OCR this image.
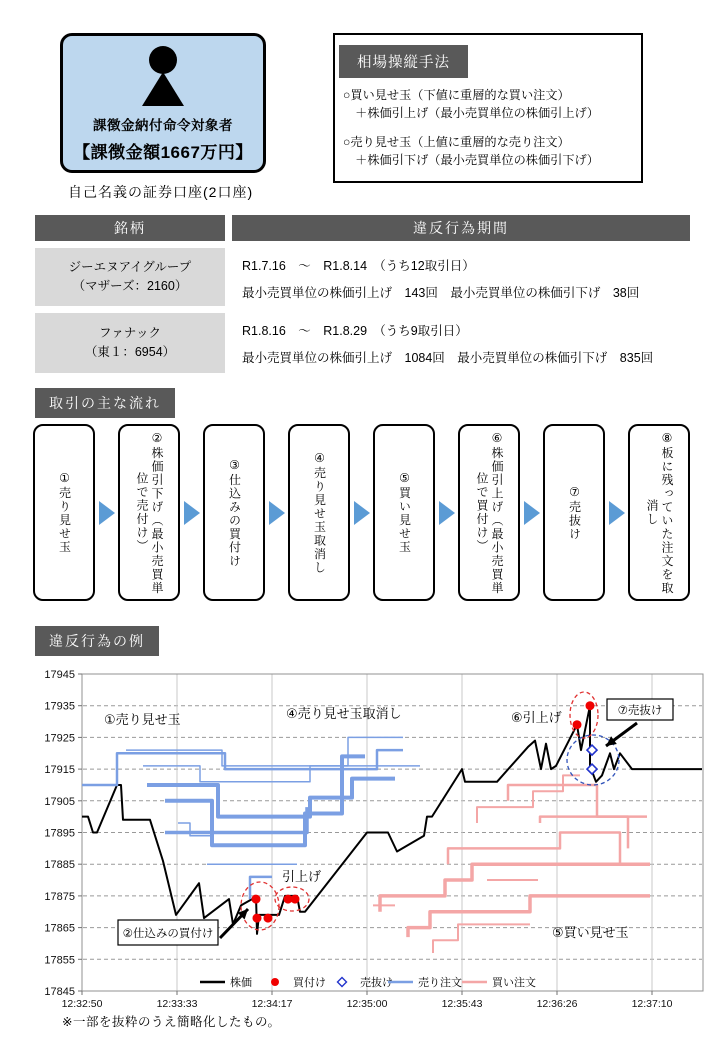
課徴金納付命令対象者
【課徴金額1667万円】
自己名義の証券口座(2口座)
相場操縦手法
○買い見せ玉（下値に重層的な買い注文）
　＋株価引上げ（最小売買単位の株価引上げ）
○売り見せ玉（上値に重層的な売り注文）
　＋株価引下げ（最小売買単位の株価引下げ）
銘柄	違反行為期間
ジーエヌアイグループ
（マザーズ：2160）
R1.7.16　～　R1.8.14　（うち12取引日）
最小売買単位の株価引上げ　143回　最小売買単位の株価引下げ　38回
ファナック
（東１：6954）
R1.8.16　～　R1.8.29　（うち9取引日）
最小売買単位の株価引上げ　1084回　最小売買単位の株価引下げ　835回
取引の主な流れ
①売り見せ玉	②株価引下げ（最小売買単位で売付け）	③仕込みの買付け	④売り見せ玉取消し	⑤買い見せ玉	⑥株価引上げ（最小売買単位で買付け）	⑦売抜け	⑧板に残っていた注文を取消し
違反行為の例
17945
17935
17925
17915
17905
17895
17885
17875
17865
17855
17845
12:32:50	12:33:33	12:34:17	12:35:00	12:35:43	12:36:26	12:37:10
①売り見せ玉	④売り見せ玉取消し	⑥引上げ
引上げ
⑤買い見せ玉
②仕込みの買付け
⑦売抜け
株価	買付け	売抜け 売り注文	買い注文
※一部を抜粋のうえ簡略化したもの。
